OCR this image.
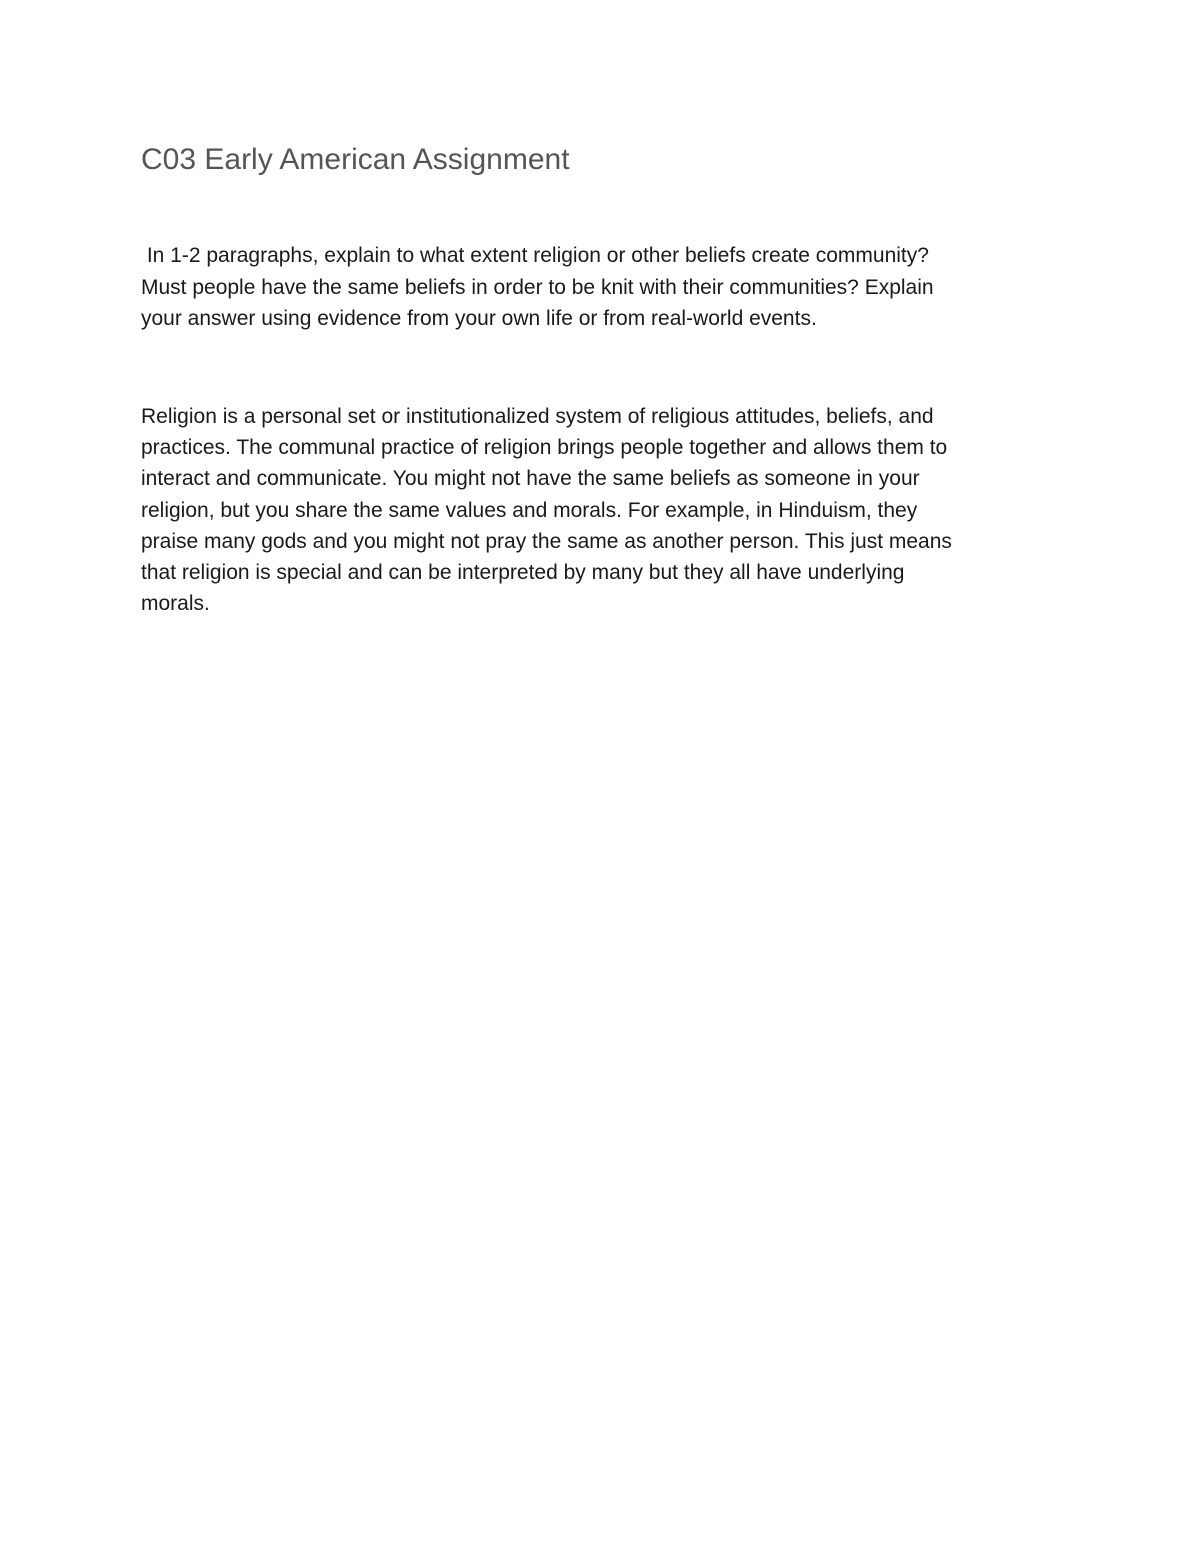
C03 Early American Assignment

In 1-2 paragraphs, explain to what extent religion or other beliefs create community?
Must people have the same beliefs in order to be knit with their communities? Explain
your answer using evidence from your own life or from real-world events.

Religion is a personal set or institutionalized system of religious attitudes, beliefs, and
practices. The communal practice of religion brings people together and allows them to
interact and communicate. You might not have the same beliefs as someone in your
religion, but you share the same values and morals. For example, in Hinduism, they
praise many gods and you might not pray the same as another person. This just means
that religion is special and can be interpreted by many but they all have underlying
morals.
